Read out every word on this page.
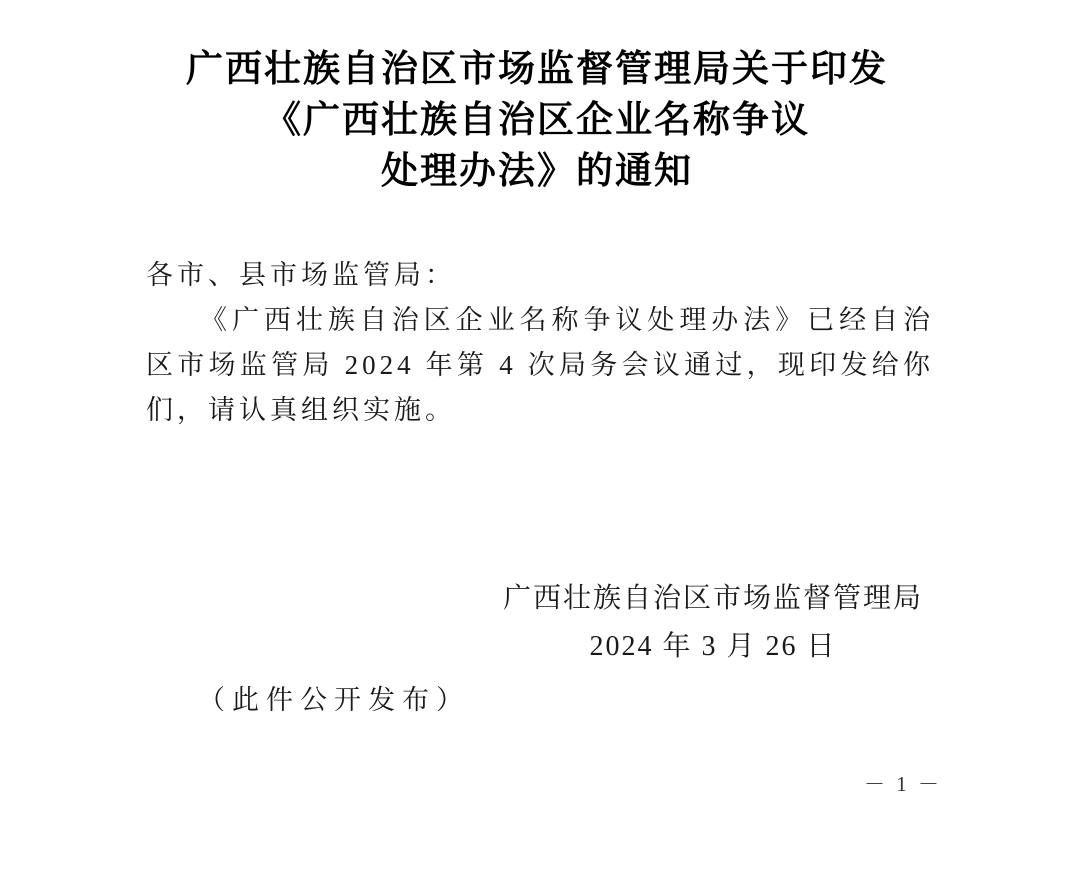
广西壮族自治区市场监督管理局关于印发
《广西壮族自治区企业名称争议
处理办法》的通知

各市、县市场监管局：

《广西壮族自治区企业名称争议处理办法》已经自治区市场监管局 2024 年第 4 次局务会议通过，现印发给你们，请认真组织实施。

广西壮族自治区市场监督管理局
2024 年 3 月 26 日

（此件公开发布）

－ 1 －
